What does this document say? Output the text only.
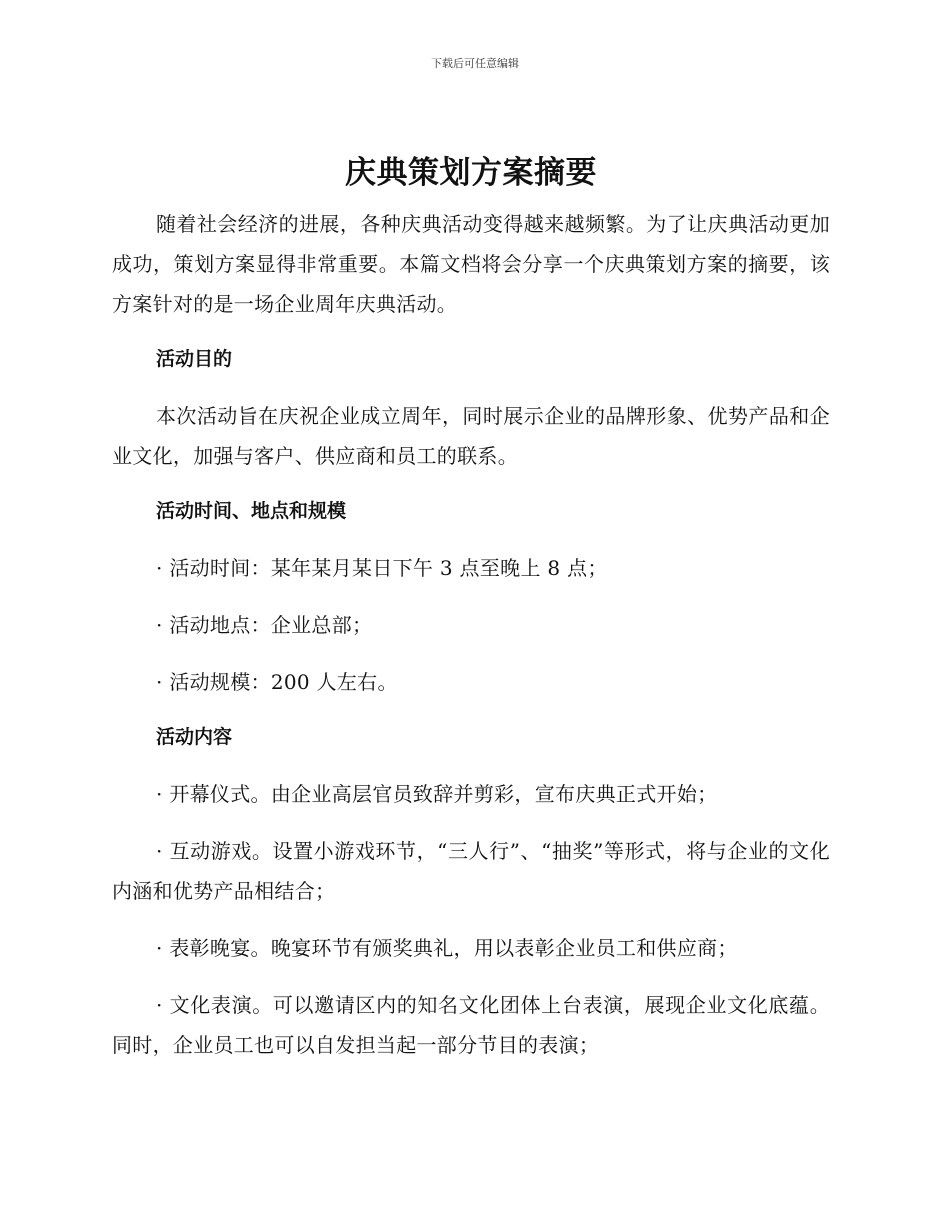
下载后可任意编辑
庆典策划方案摘要

随着社会经济的进展，各种庆典活动变得越来越频繁。为了让庆典活动更加成功，策划方案显得非常重要。本篇文档将会分享一个庆典策划方案的摘要，该方案针对的是一场企业周年庆典活动。

活动目的

本次活动旨在庆祝企业成立周年，同时展示企业的品牌形象、优势产品和企业文化，加强与客户、供应商和员工的联系。

活动时间、地点和规模

· 活动时间：某年某月某日下午 3 点至晚上 8 点；

· 活动地点：企业总部；

· 活动规模：200 人左右。

活动内容

· 开幕仪式。由企业高层官员致辞并剪彩，宣布庆典正式开始；

· 互动游戏。设置小游戏环节，“三人行”、“抽奖”等形式，将与企业的文化内涵和优势产品相结合；

· 表彰晚宴。晚宴环节有颁奖典礼，用以表彰企业员工和供应商；

· 文化表演。可以邀请区内的知名文化团体上台表演，展现企业文化底蕴。同时，企业员工也可以自发担当起一部分节目的表演；
